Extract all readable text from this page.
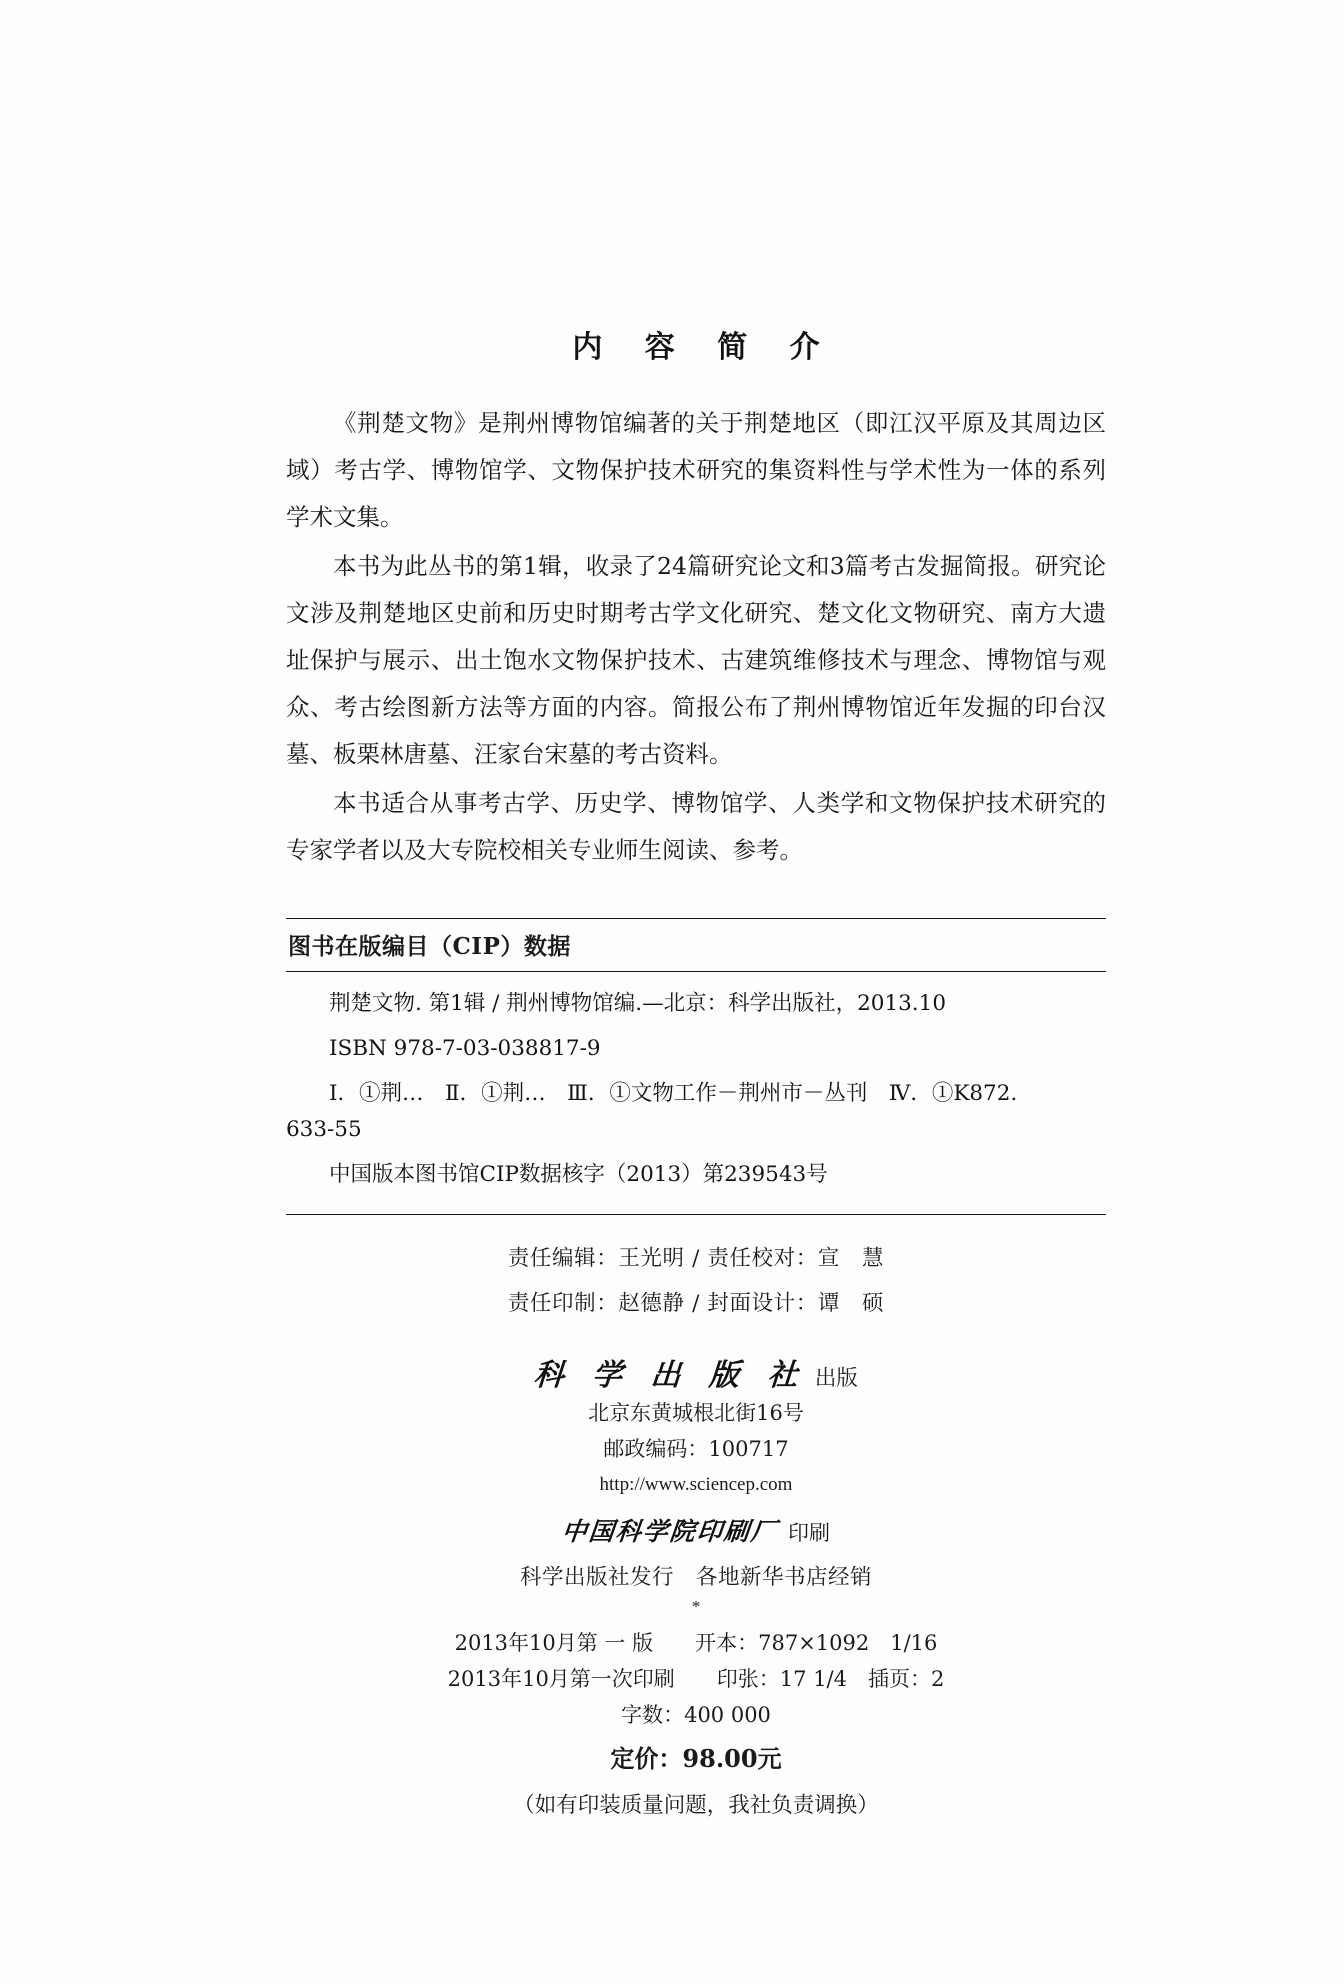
内 容 简 介

《荆楚文物》是荆州博物馆编著的关于荆楚地区（即江汉平原及其周边区域）考古学、博物馆学、文物保护技术研究的集资料性与学术性为一体的系列学术文集。

本书为此丛书的第1辑，收录了24篇研究论文和3篇考古发掘简报。研究论文涉及荆楚地区史前和历史时期考古学文化研究、楚文化文物研究、南方大遗址保护与展示、出土饱水文物保护技术、古建筑维修技术与理念、博物馆与观众、考古绘图新方法等方面的内容。简报公布了荆州博物馆近年发掘的印台汉墓、板栗林唐墓、汪家台宋墓的考古资料。

本书适合从事考古学、历史学、博物馆学、人类学和文物保护技术研究的专家学者以及大专院校相关专业师生阅读、参考。

图书在版编目（CIP）数据

荆楚文物. 第1辑 / 荆州博物馆编.—北京：科学出版社，2013.10

ISBN 978-7-03-038817-9

Ⅰ．①荆…　Ⅱ．①荆…　Ⅲ．①文物工作－荆州市－丛刊　Ⅳ．①K872.

633-55

中国版本图书馆CIP数据核字（2013）第239543号

责任编辑：王光明 / 责任校对：宣　慧

责任印制：赵德静 / 封面设计：谭　硕

科 学 出 版 社 出版
北京东黄城根北街16号
邮政编码：100717
http://www.sciencep.com
中国科学院印刷厂 印刷
科学出版社发行　各地新华书店经销
*
2013年10月第 一 版　　开本：787×1092　1/16
2013年10月第一次印刷　　印张：17 1/4　插页：2
字数：400 000
定价：98.00元
（如有印装质量问题，我社负责调换）
